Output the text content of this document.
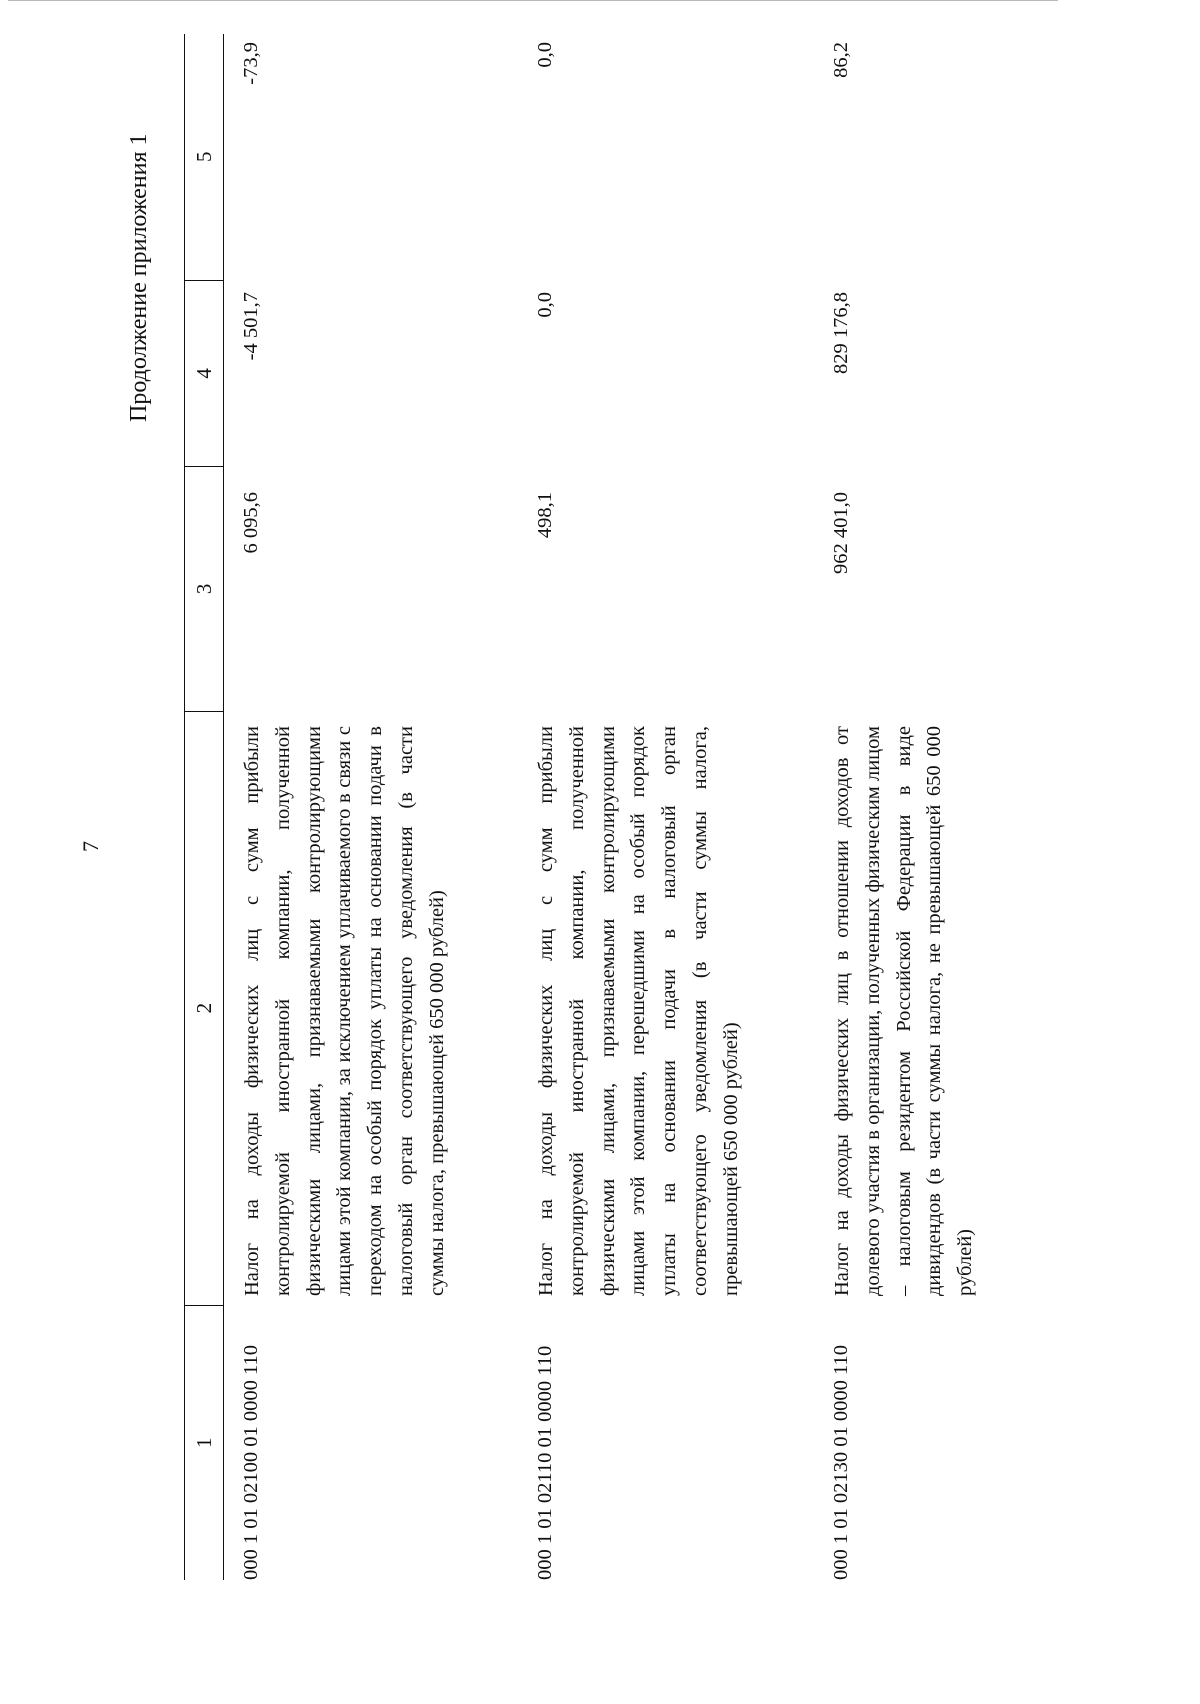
7
Продолжение приложения 1
1
2
3
4
5
000 1 01 02100 01 0000 110
Налог на доходы физических лиц с сумм прибыли контролируемой иностранной компании, полученной физическими лицами, признаваемыми контролирующими лицами этой компании, за исключением уплачиваемого в связи с переходом на особый порядок уплаты на основании подачи в налоговый орган соответствующего уведомления (в части суммы налога, превышающей 650 000 рублей)
6 095,6
-4 501,7
-73,9
000 1 01 02110 01 0000 110
Налог на доходы физических лиц с сумм прибыли контролируемой иностранной компании, полученной физическими лицами, признаваемыми контролирующими лицами этой компании, перешедшими на особый порядок уплаты на основании подачи в налоговый орган соответствующего уведомления (в части суммы налога, превышающей 650 000 рублей)
498,1
0,0
0,0
000 1 01 02130 01 0000 110
Налог на доходы физических лиц в отношении доходов от долевого участия в организации, полученных физическим лицом – налоговым резидентом Российской Федерации в виде дивидендов (в части суммы налога, не превышающей 650 000 рублей)
962 401,0
829 176,8
86,2
